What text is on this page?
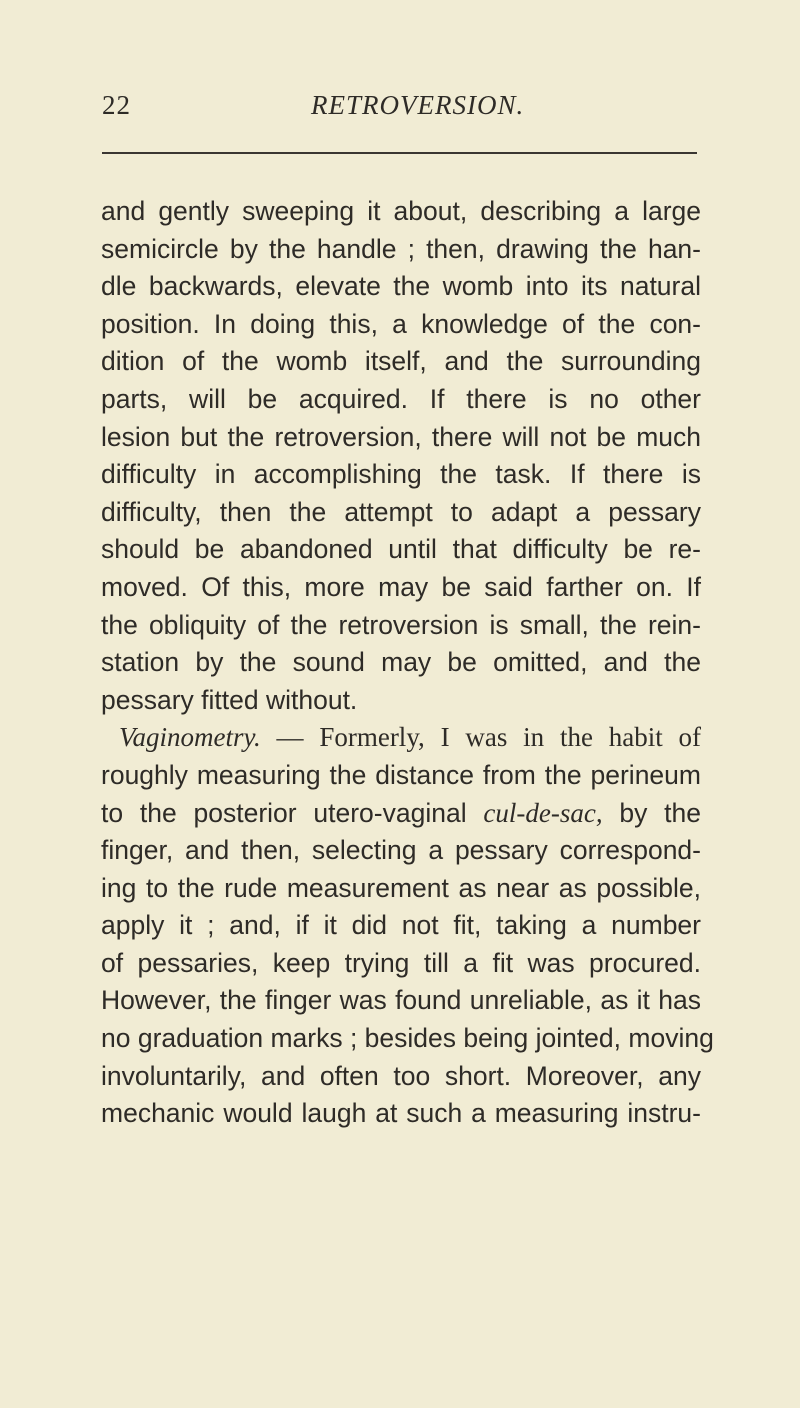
22	RETROVERSION.
and gently sweeping it about, describing a large
semicircle by the handle ; then, drawing the han-
dle backwards, elevate the womb into its natural
position. In doing this, a knowledge of the con-
dition of the womb itself, and the surrounding
parts, will be acquired. If there is no other
lesion but the retroversion, there will not be much
difficulty in accomplishing the task. If there is
difficulty, then the attempt to adapt a pessary
should be abandoned until that difficulty be re-
moved. Of this, more may be said farther on. If
the obliquity of the retroversion is small, the rein-
station by the sound may be omitted, and the
pessary fitted without.
Vaginometry. — Formerly, I was in the habit of
roughly measuring the distance from the perineum
to the posterior utero-vaginal cul-de-sac, by the
finger, and then, selecting a pessary correspond-
ing to the rude measurement as near as possible,
apply it ; and, if it did not fit, taking a number
of pessaries, keep trying till a fit was procured.
However, the finger was found unreliable, as it has
no graduation marks ; besides being jointed, moving
involuntarily, and often too short. Moreover, any
mechanic would laugh at such a measuring instru-
